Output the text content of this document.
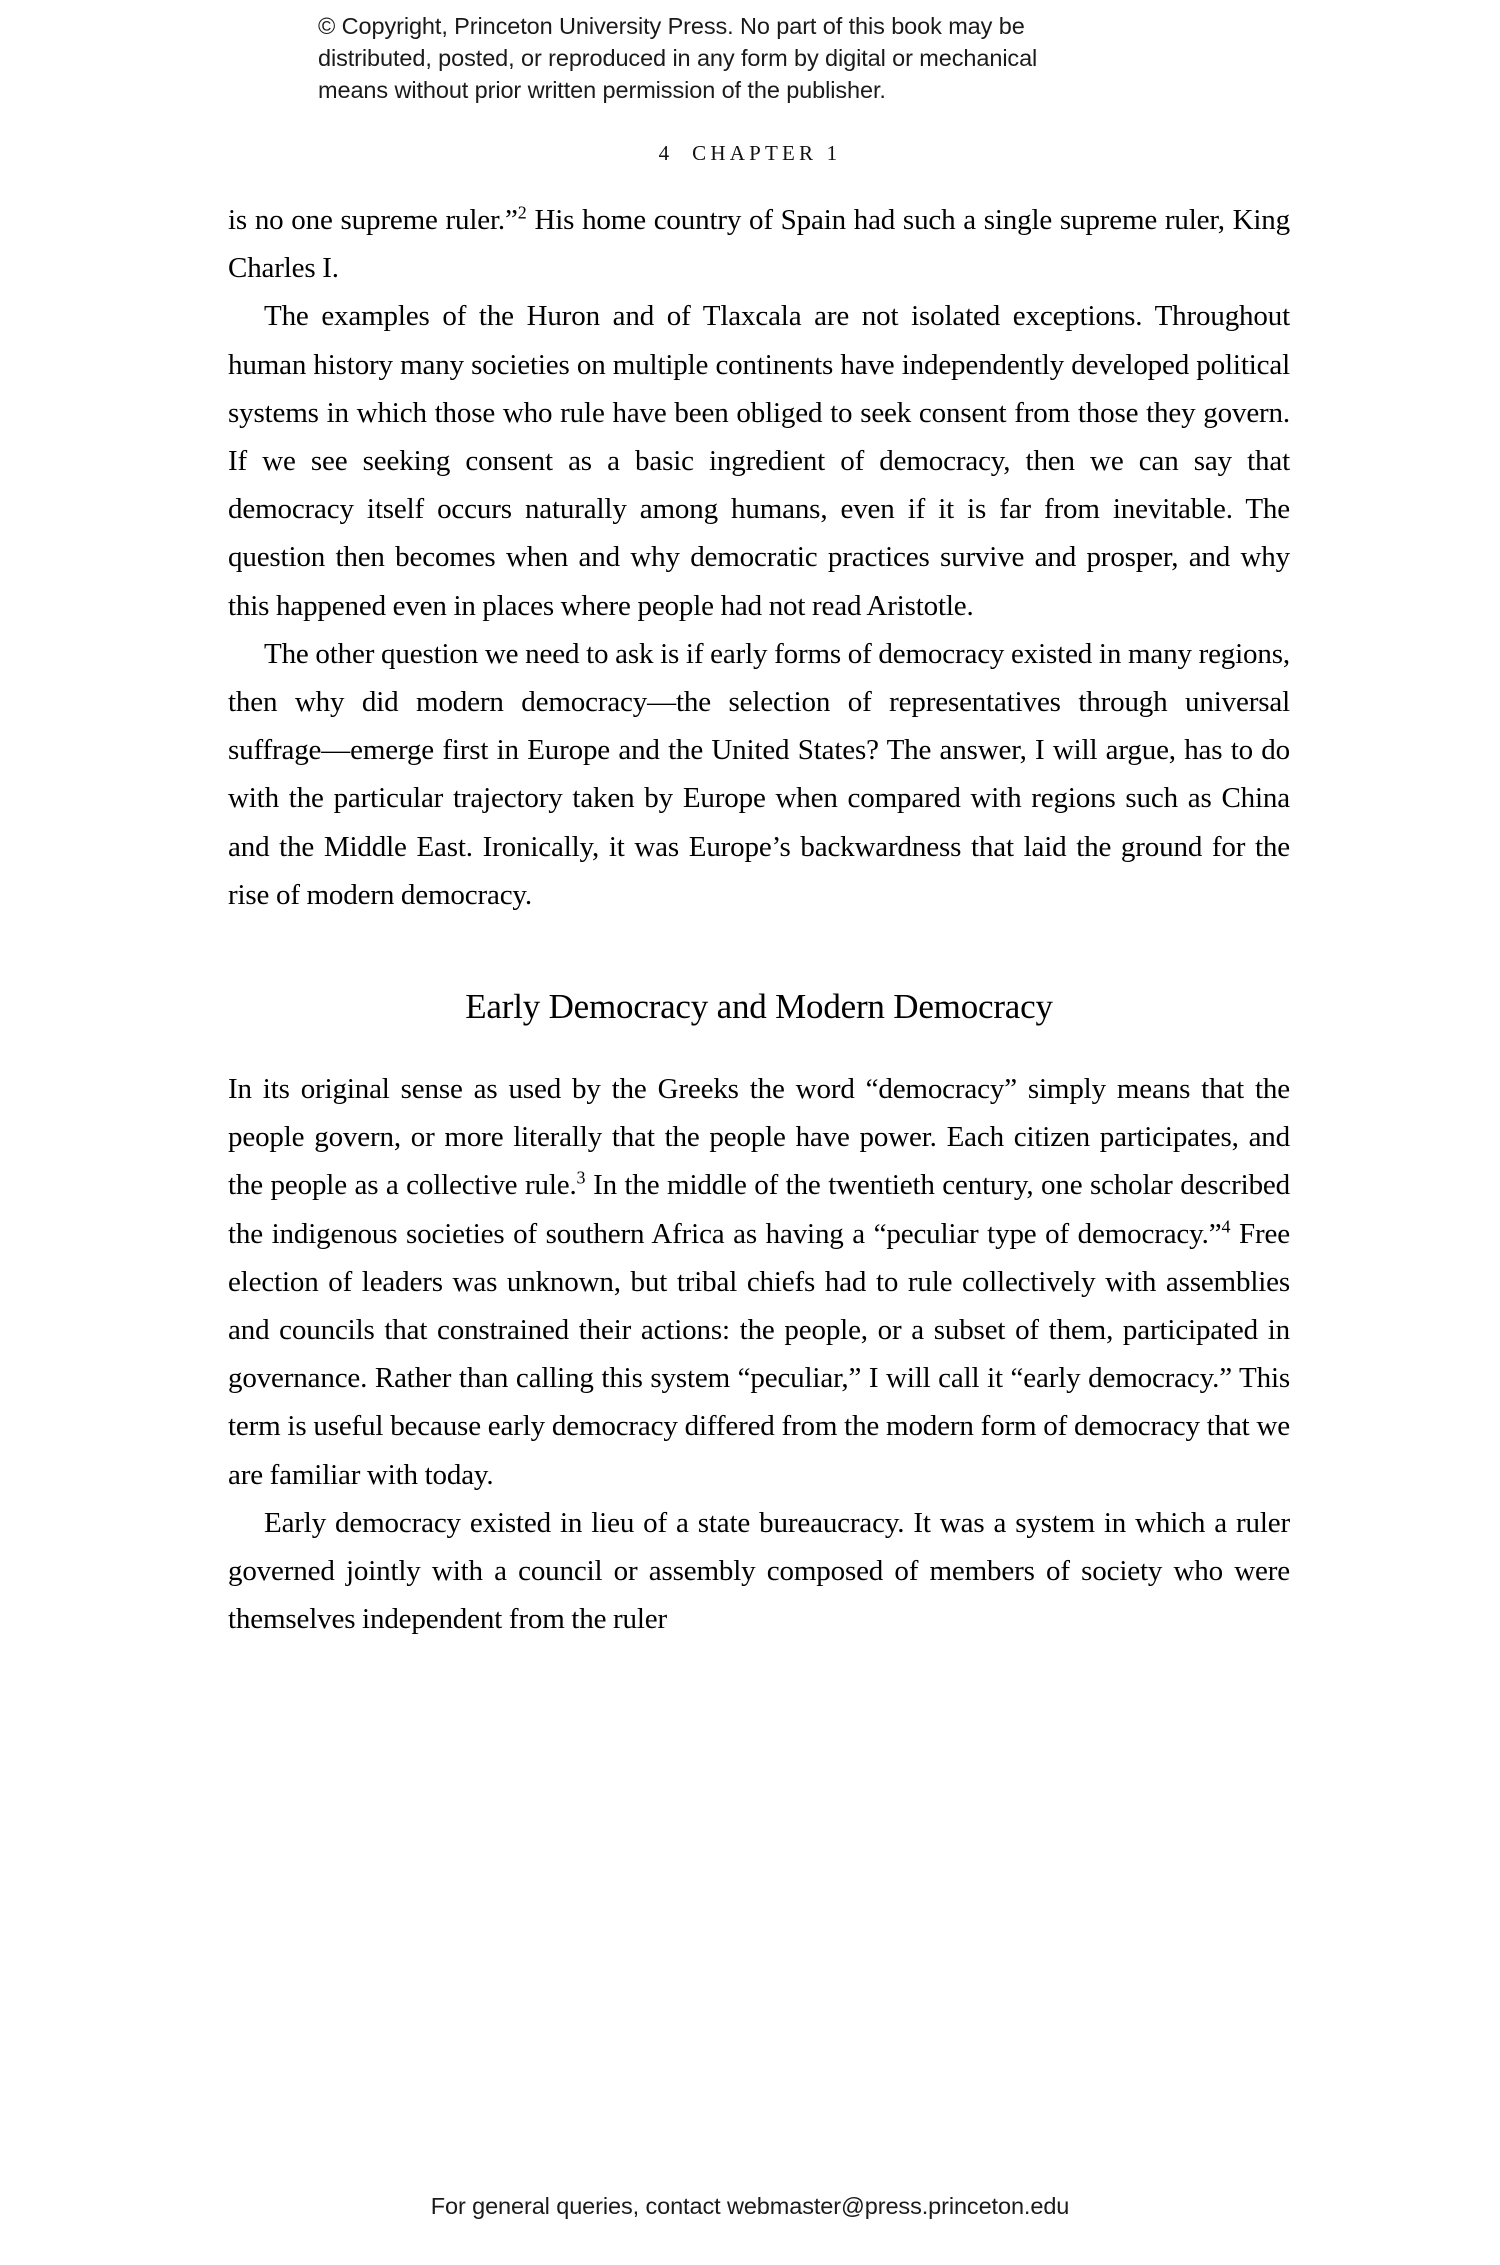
© Copyright, Princeton University Press. No part of this book may be
distributed, posted, or reproduced in any form by digital or mechanical
means without prior written permission of the publisher.
4 CHAPTER 1

is no one supreme ruler.”$^2$ His home country of Spain had such a single supreme ruler, King Charles I.

The examples of the Huron and of Tlaxcala are not isolated exceptions. Throughout human history many societies on multiple continents have independently developed political systems in which those who rule have been obliged to seek consent from those they govern. If we see seeking consent as a basic ingredient of democracy, then we can say that democracy itself occurs naturally among humans, even if it is far from inevitable. The question then becomes when and why democratic practices survive and prosper, and why this happened even in places where people had not read Aristotle.

The other question we need to ask is if early forms of democracy existed in many regions, then why did modern democracy—the selection of representatives through universal suffrage—emerge first in Europe and the United States? The answer, I will argue, has to do with the particular trajectory taken by Europe when compared with regions such as China and the Middle East. Ironically, it was Europe’s backwardness that laid the ground for the rise of modern democracy.

Early Democracy and Modern Democracy

In its original sense as used by the Greeks the word “democracy” simply means that the people govern, or more literally that the people have power. Each citizen participates, and the people as a collective rule.$^3$ In the middle of the twentieth century, one scholar described the indigenous societies of southern Africa as having a “peculiar type of democracy.”$^4$ Free election of leaders was unknown, but tribal chiefs had to rule collectively with assemblies and councils that constrained their actions: the people, or a subset of them, participated in governance. Rather than calling this system “peculiar,” I will call it “early democracy.” This term is useful because early democracy differed from the modern form of democracy that we are familiar with today.

Early democracy existed in lieu of a state bureaucracy. It was a system in which a ruler governed jointly with a council or assembly composed of members of society who were themselves independent from the ruler

For general queries, contact webmaster@press.princeton.edu
